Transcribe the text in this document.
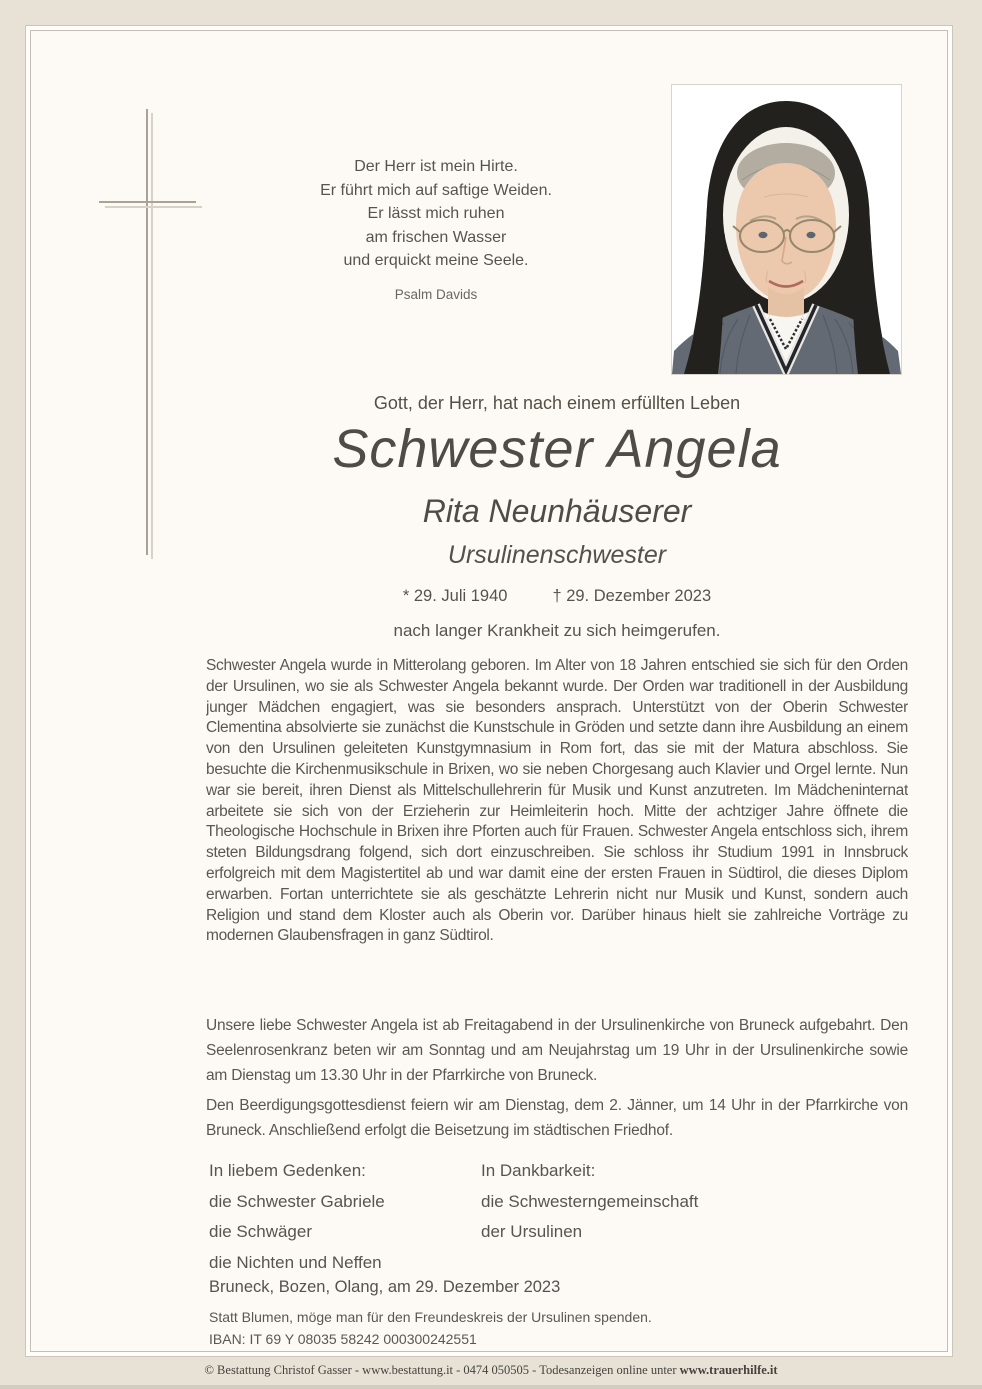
Der Herr ist mein Hirte.
Er führt mich auf saftige Weiden.
Er lässt mich ruhen
am frischen Wasser
und erquickt meine Seele.
Psalm Davids
Gott, der Herr, hat nach einem erfüllten Leben
Schwester Angela
Rita Neunhäuserer
Ursulinenschwester
* 29. Juli 1940	† 29. Dezember 2023
nach langer Krankheit zu sich heimgerufen.
Schwester Angela wurde in Mitterolang geboren. Im Alter von 18 Jahren entschied sie sich für den Orden der Ursulinen, wo sie als Schwester Angela bekannt wurde. Der Orden war traditionell in der Ausbildung junger Mädchen engagiert, was sie besonders ansprach. Unterstützt von der Oberin Schwester Clementina absolvierte sie zunächst die Kunstschule in Gröden und setzte dann ihre Ausbildung an einem von den Ursulinen geleiteten Kunstgymnasium in Rom fort, das sie mit der Matura abschloss. Sie besuchte die Kirchenmusikschule in Brixen, wo sie neben Chorgesang auch Klavier und Orgel lernte. Nun war sie bereit, ihren Dienst als Mittelschullehrerin für Musik und Kunst anzutreten. Im Mädcheninternat arbeitete sie sich von der Erzieherin zur Heimleiterin hoch. Mitte der achtziger Jahre öffnete die Theologische Hochschule in Brixen ihre Pforten auch für Frauen. Schwester Angela entschloss sich, ihrem steten Bildungsdrang folgend, sich dort einzuschreiben. Sie schloss ihr Studium 1991 in Innsbruck erfolgreich mit dem Magistertitel ab und war damit eine der ersten Frauen in Südtirol, die dieses Diplom erwarben. Fortan unterrichtete sie als geschätzte Lehrerin nicht nur Musik und Kunst, sondern auch Religion und stand dem Kloster auch als Oberin vor. Darüber hinaus hielt sie zahlreiche Vorträge zu modernen Glaubensfragen in ganz Südtirol.
Unsere liebe Schwester Angela ist ab Freitagabend in der Ursulinenkirche von Bruneck aufgebahrt. Den Seelenrosenkranz beten wir am Sonntag und am Neujahrstag um 19 Uhr in der Ursulinenkirche sowie am Dienstag um 13.30 Uhr in der Pfarrkirche von Bruneck.
Den Beerdigungsgottesdienst feiern wir am Dienstag, dem 2. Jänner, um 14 Uhr in der Pfarrkirche von Bruneck. Anschließend erfolgt die Beisetzung im städtischen Friedhof.
In liebem Gedenken:
die Schwester Gabriele
die Schwäger
die Nichten und Neffen
In Dankbarkeit:
die Schwesterngemeinschaft
der Ursulinen
Bruneck, Bozen, Olang, am 29. Dezember 2023
Statt Blumen, möge man für den Freundeskreis der Ursulinen spenden.
IBAN: IT 69 Y 08035 58242 000300242551
© Bestattung Christof Gasser - www.bestattung.it - 0474 050505 - Todesanzeigen online unter www.trauerhilfe.it
